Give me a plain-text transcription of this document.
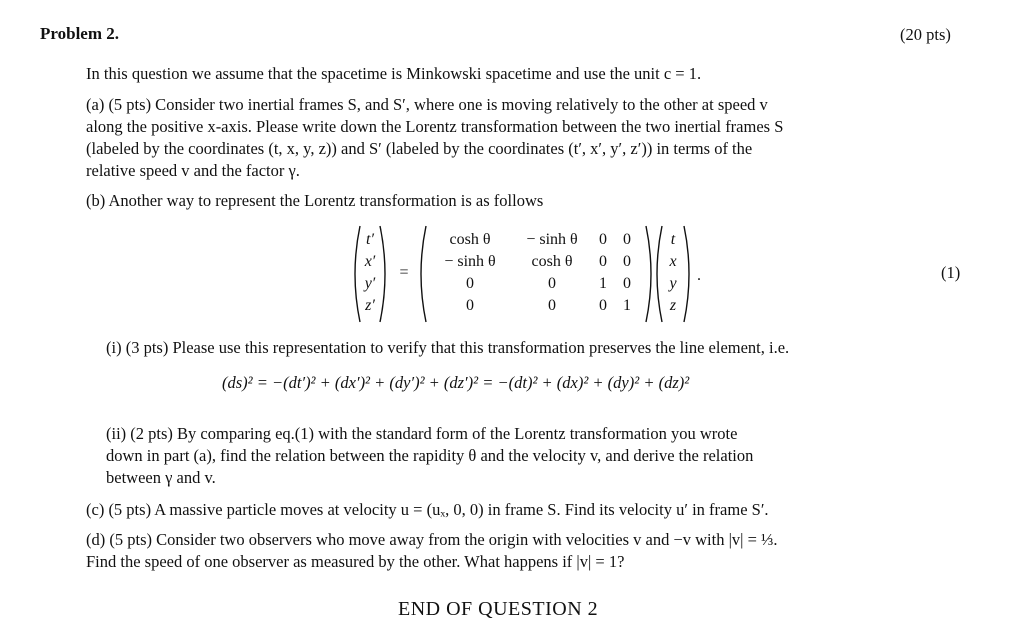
Problem 2.	(20 pts)
In this question we assume that the spacetime is Minkowski spacetime and use the unit c = 1.
(a) (5 pts) Consider two inertial frames S, and S′, where one is moving relatively to the other at speed v
along the positive x-axis. Please write down the Lorentz transformation between the two inertial frames S
(labeled by the coordinates (t, x, y, z)) and S′ (labeled by the coordinates (t′, x′, y′, z′)) in terms of the
relative speed v and the factor γ.
(b) Another way to represent the Lorentz transformation is as follows
t′
x′
y′
z′
=
cosh θ	− sinh θ	0	0
− sinh θ	cosh θ	0	0
0	0	1	0
0	0	0	1
t
x
y
z
.	(1)
(i) (3 pts) Please use this representation to verify that this transformation preserves the line element, i.e.
(ds)² = −(dt′)² + (dx′)² + (dy′)² + (dz′)² = −(dt)² + (dx)² + (dy)² + (dz)²
(ii) (2 pts) By comparing eq.(1) with the standard form of the Lorentz transformation you wrote
down in part (a), find the relation between the rapidity θ and the velocity v, and derive the relation
between γ and v.
(c) (5 pts) A massive particle moves at velocity u = (uₓ, 0, 0) in frame S. Find its velocity u′ in frame S′.
(d) (5 pts) Consider two observers who move away from the origin with velocities v and −v with |v| = ⅓.
Find the speed of one observer as measured by the other. What happens if |v| = 1?
END OF QUESTION 2
